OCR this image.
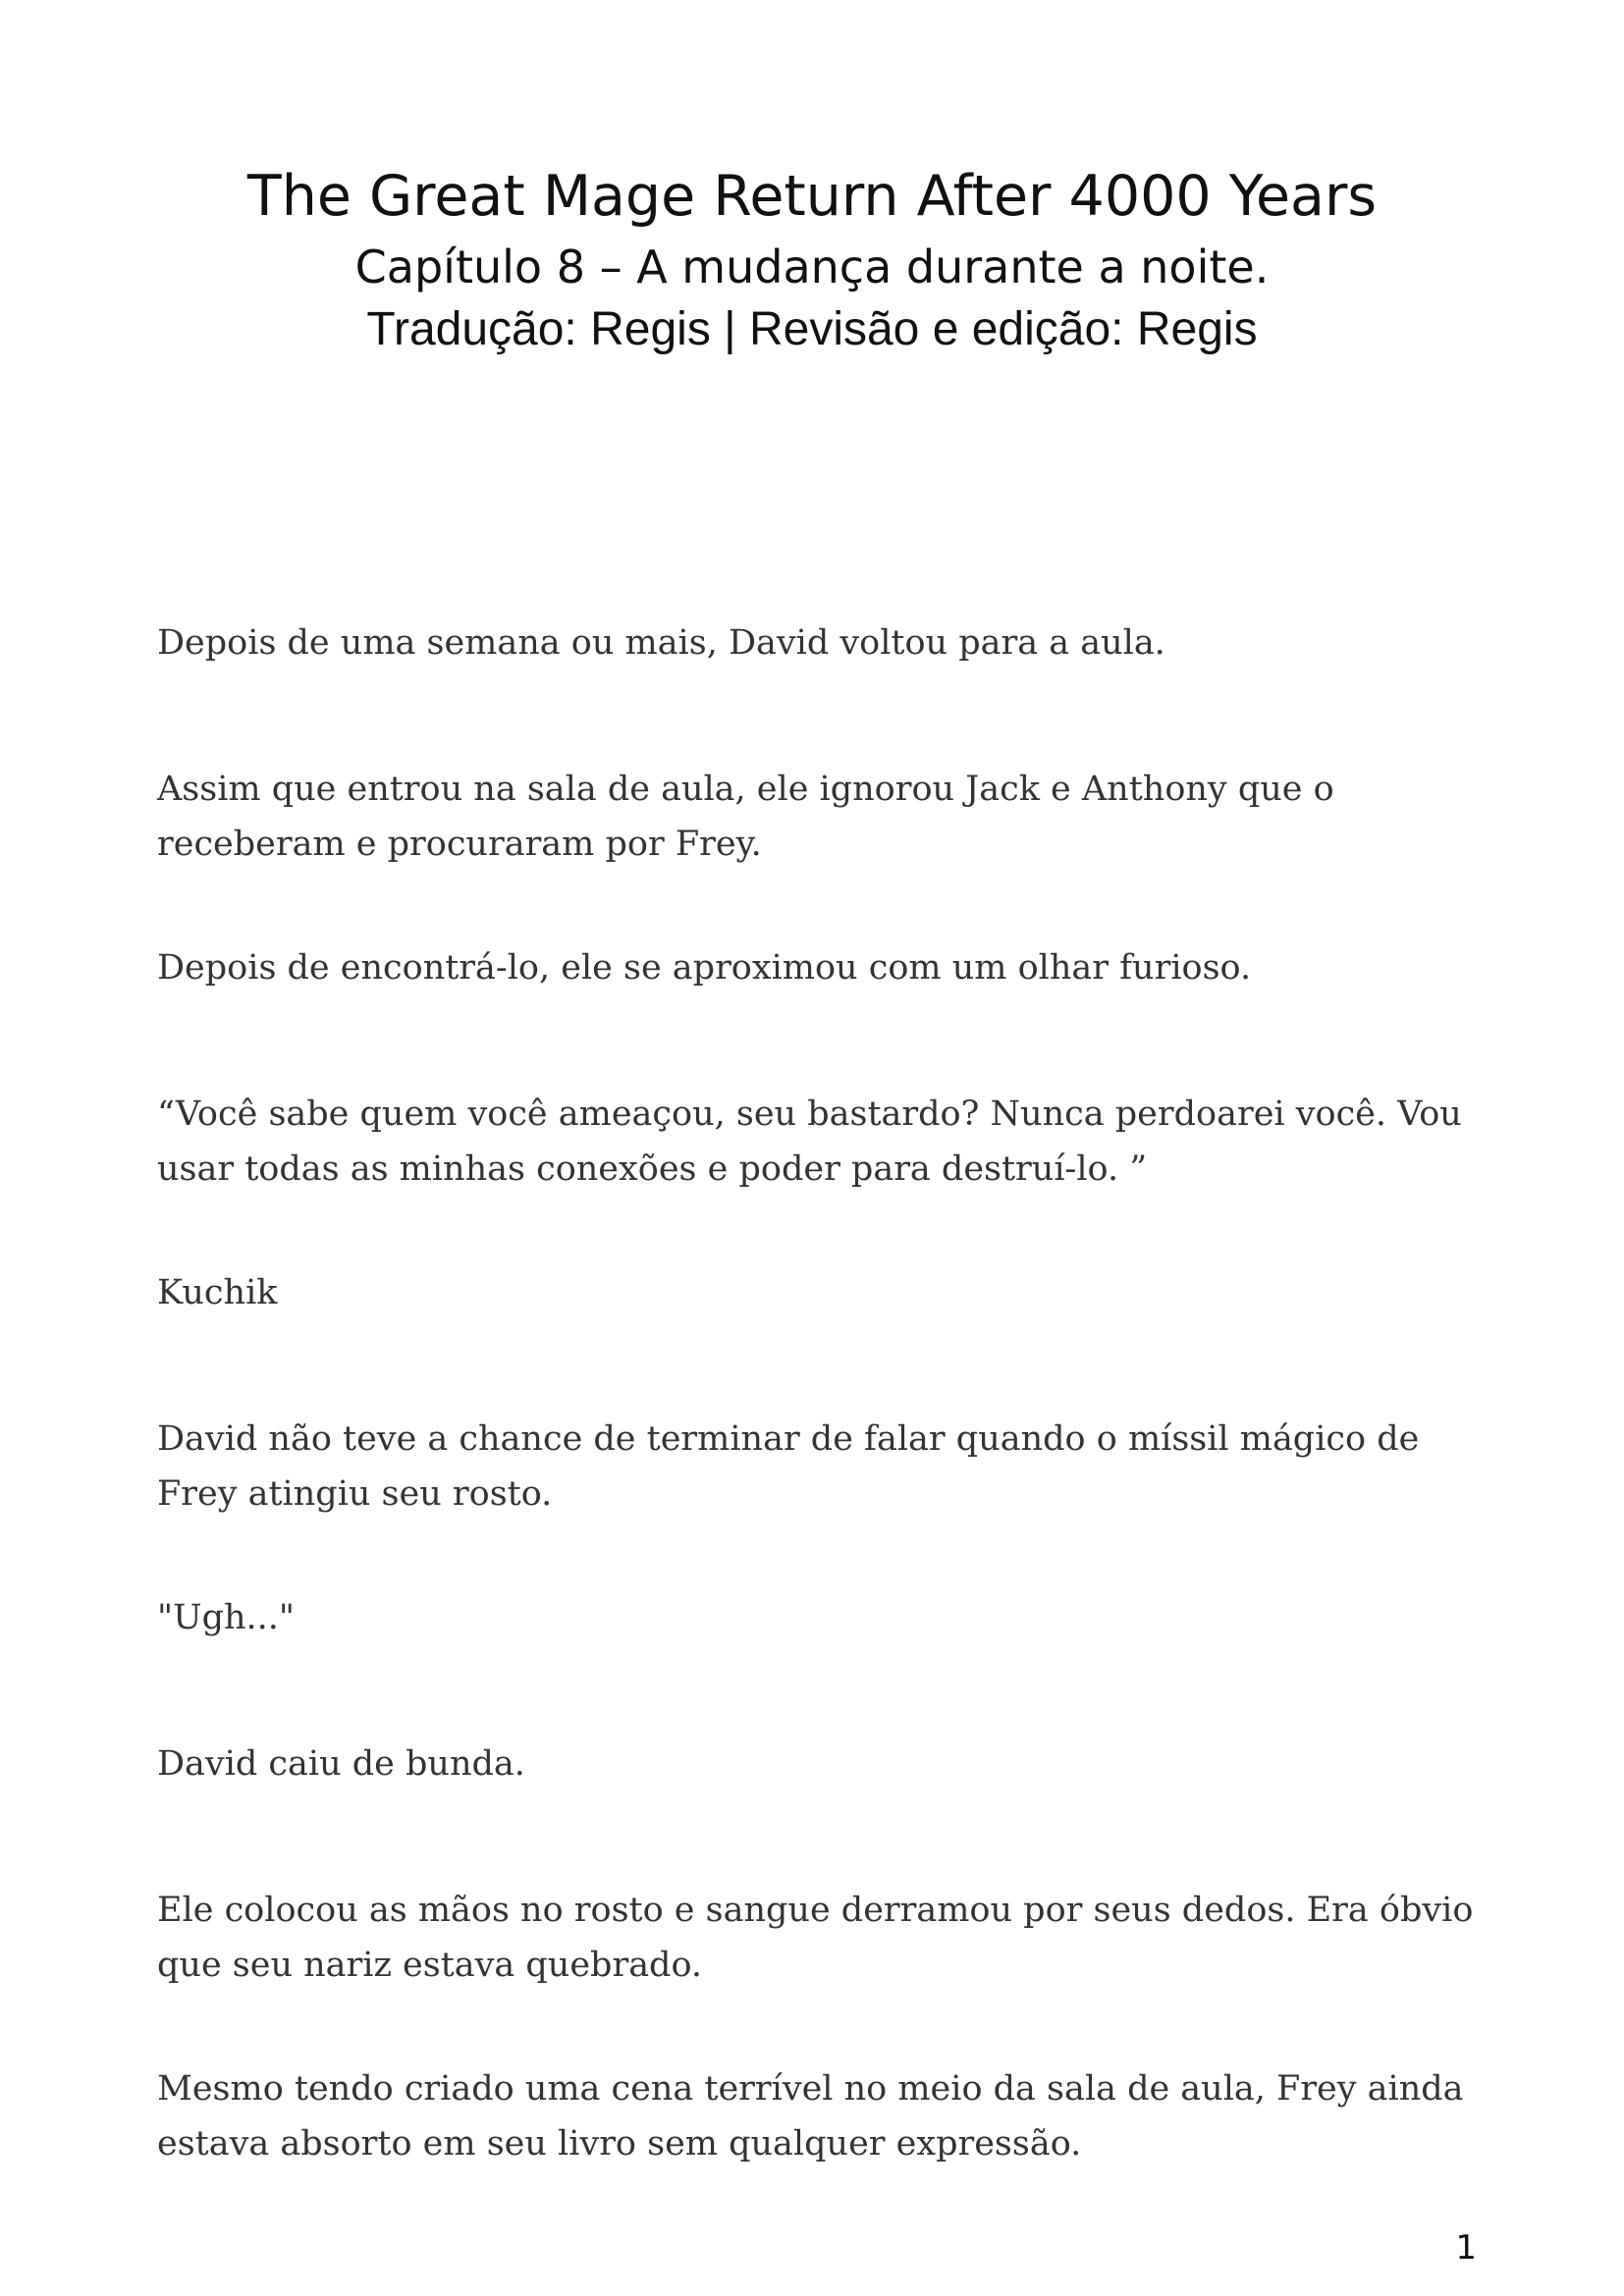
The Great Mage Return After 4000 Years

Capítulo 8 – A mudança durante a noite.

Tradução: Regis | Revisão e edição: Regis

Depois de uma semana ou mais, David voltou para a aula.

Assim que entrou na sala de aula, ele ignorou Jack e Anthony que o receberam e procuraram por Frey.

Depois de encontrá-lo, ele se aproximou com um olhar furioso.

“Você sabe quem você ameaçou, seu bastardo? Nunca perdoarei você. Vou usar todas as minhas conexões e poder para destruí-lo. ”

Kuchik

David não teve a chance de terminar de falar quando o míssil mágico de Frey atingiu seu rosto.

"Ugh..."

David caiu de bunda.

Ele colocou as mãos no rosto e sangue derramou por seus dedos. Era óbvio que seu nariz estava quebrado.

Mesmo tendo criado uma cena terrível no meio da sala de aula, Frey ainda estava absorto em seu livro sem qualquer expressão.

1
